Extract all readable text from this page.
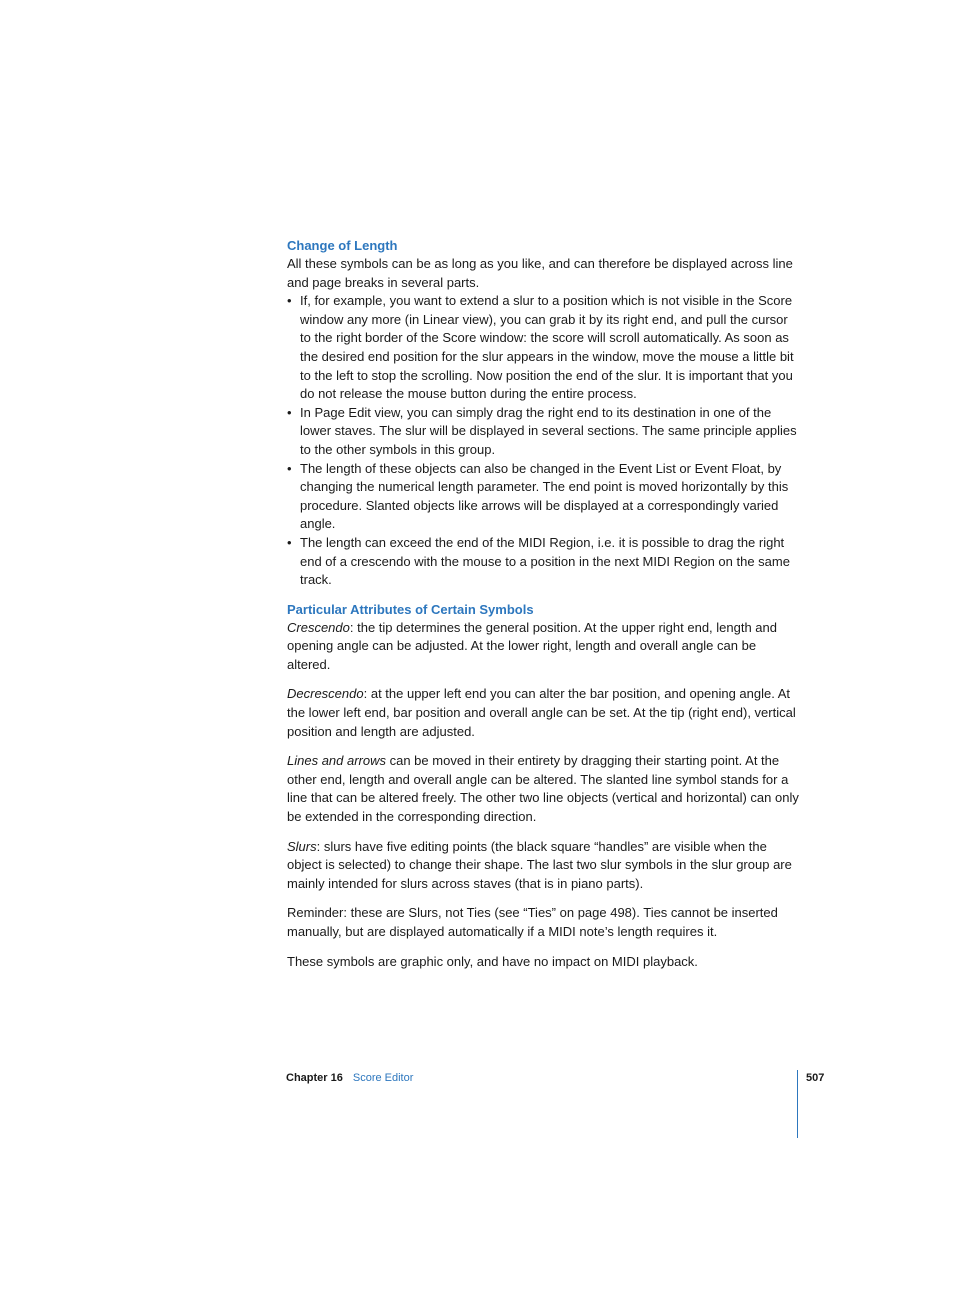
Change of Length

All these symbols can be as long as you like, and can therefore be displayed across line and page breaks in several parts.

• If, for example, you want to extend a slur to a position which is not visible in the Score window any more (in Linear view), you can grab it by its right end, and pull the cursor to the right border of the Score window: the score will scroll automatically. As soon as the desired end position for the slur appears in the window, move the mouse a little bit to the left to stop the scrolling. Now position the end of the slur. It is important that you do not release the mouse button during the entire process.
• In Page Edit view, you can simply drag the right end to its destination in one of the lower staves. The slur will be displayed in several sections. The same principle applies to the other symbols in this group.
• The length of these objects can also be changed in the Event List or Event Float, by changing the numerical length parameter. The end point is moved horizontally by this procedure. Slanted objects like arrows will be displayed at a correspondingly varied angle.
• The length can exceed the end of the MIDI Region, i.e. it is possible to drag the right end of a crescendo with the mouse to a position in the next MIDI Region on the same track.
Particular Attributes of Certain Symbols

Crescendo: the tip determines the general position. At the upper right end, length and opening angle can be adjusted. At the lower right, length and overall angle can be altered.

Decrescendo: at the upper left end you can alter the bar position, and opening angle. At the lower left end, bar position and overall angle can be set. At the tip (right end), vertical position and length are adjusted.

Lines and arrows can be moved in their entirety by dragging their starting point. At the other end, length and overall angle can be altered. The slanted line symbol stands for a line that can be altered freely. The other two line objects (vertical and horizontal) can only be extended in the corresponding direction.

Slurs: slurs have five editing points (the black square “handles” are visible when the object is selected) to change their shape. The last two slur symbols in the slur group are mainly intended for slurs across staves (that is in piano parts).

Reminder: these are Slurs, not Ties (see “Ties” on page 498). Ties cannot be inserted manually, but are displayed automatically if a MIDI note’s length requires it.

These symbols are graphic only, and have no impact on MIDI playback.

Chapter 16 Score Editor	507
